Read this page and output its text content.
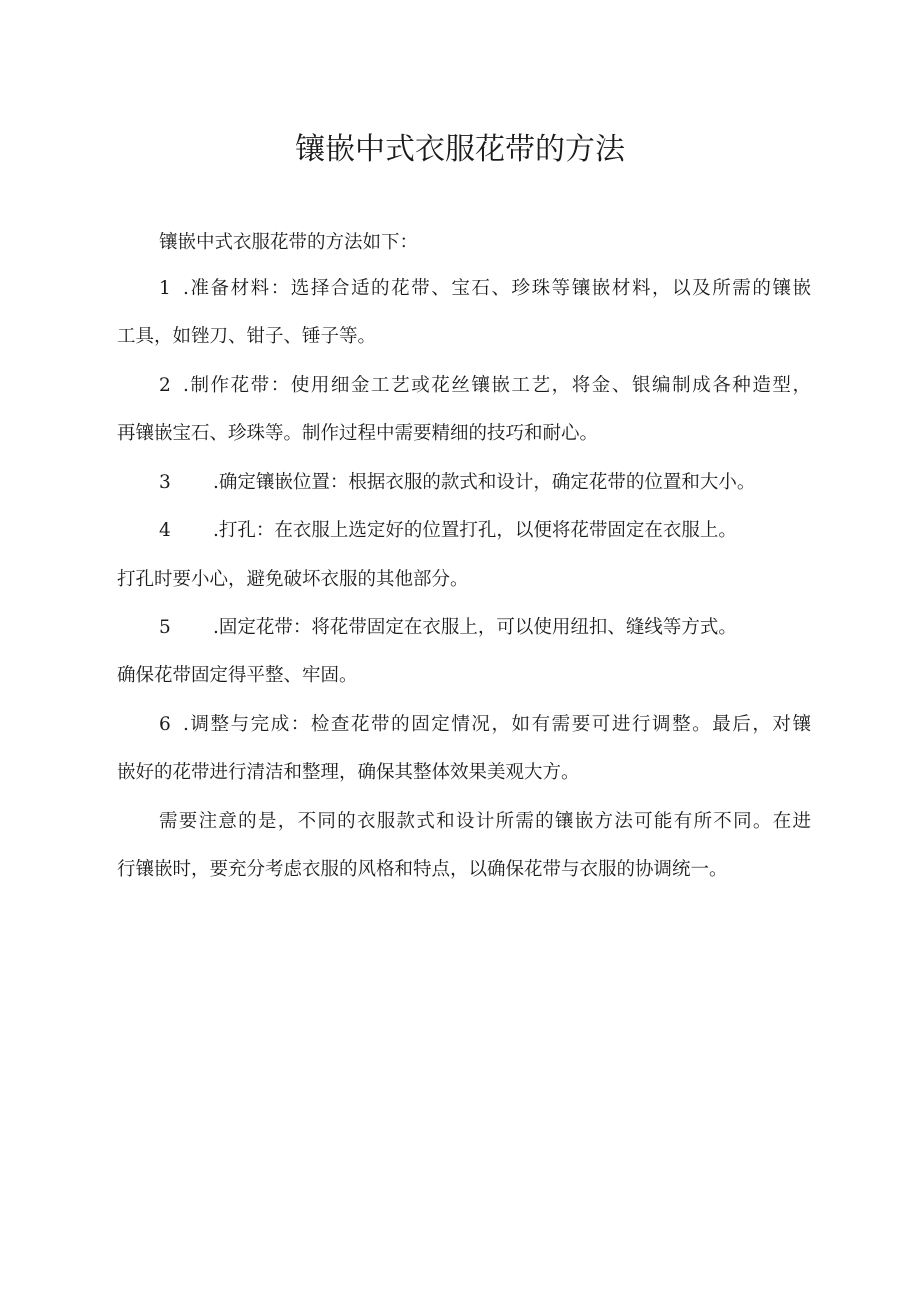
镶嵌中式衣服花带的方法

镶嵌中式衣服花带的方法如下：

1 .准备材料：选择合适的花带、宝石、珍珠等镶嵌材料，以及所需的镶嵌

工具，如锉刀、钳子、锤子等。

2 .制作花带：使用细金工艺或花丝镶嵌工艺，将金、银编制成各种造型，

再镶嵌宝石、珍珠等。制作过程中需要精细的技巧和耐心。

3 .确定镶嵌位置：根据衣服的款式和设计，确定花带的位置和大小。

4 .打孔：在衣服上选定好的位置打孔，以便将花带固定在衣服上。

打孔时要小心，避免破坏衣服的其他部分。

5 .固定花带：将花带固定在衣服上，可以使用纽扣、缝线等方式。

确保花带固定得平整、牢固。

6 .调整与完成：检查花带的固定情况，如有需要可进行调整。最后，对镶

嵌好的花带进行清洁和整理，确保其整体效果美观大方。

需要注意的是，不同的衣服款式和设计所需的镶嵌方法可能有所不同。在进

行镶嵌时，要充分考虑衣服的风格和特点，以确保花带与衣服的协调统一。
